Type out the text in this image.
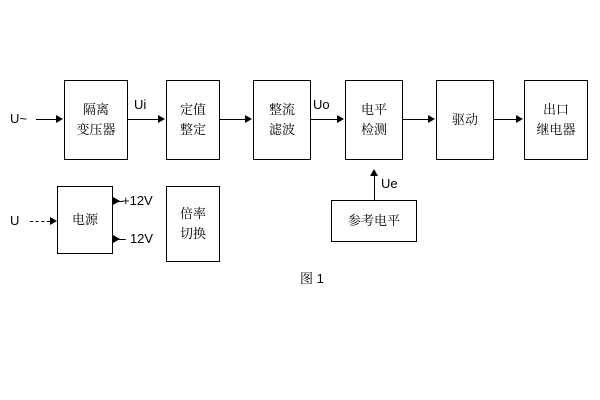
U~
隔离
变压器
Ui	定值
整定
整流
滤波
Uo 电平
检测
驱动
出口
继电器
U	电源
+12V
- 12V
倍率
切换
参考电平
Ue
图 1
